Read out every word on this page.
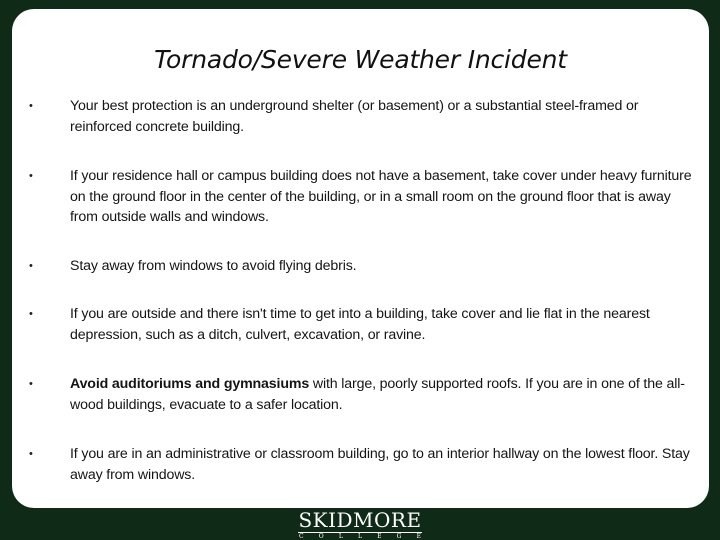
Tornado/Severe Weather Incident
•	Your best protection is an underground shelter (or basement) or a substantial steel-framed or reinforced concrete building.
•	If your residence hall or campus building does not have a basement, take cover under heavy furniture on the ground floor in the center of the building, or in a small room on the ground floor that is away from outside walls and windows.
•	Stay away from windows to avoid flying debris.
•	If you are outside and there isn't time to get into a building, take cover and lie flat in the nearest depression, such as a ditch, culvert, excavation, or ravine.
•	Avoid auditoriums and gymnasiums with large, poorly supported roofs. If you are in one of the all-wood buildings, evacuate to a safer location.
•	If you are in an administrative or classroom building, go to an interior hallway on the lowest floor. Stay away from windows.
SKIDMORE
C	O	L	L	E	G	E
